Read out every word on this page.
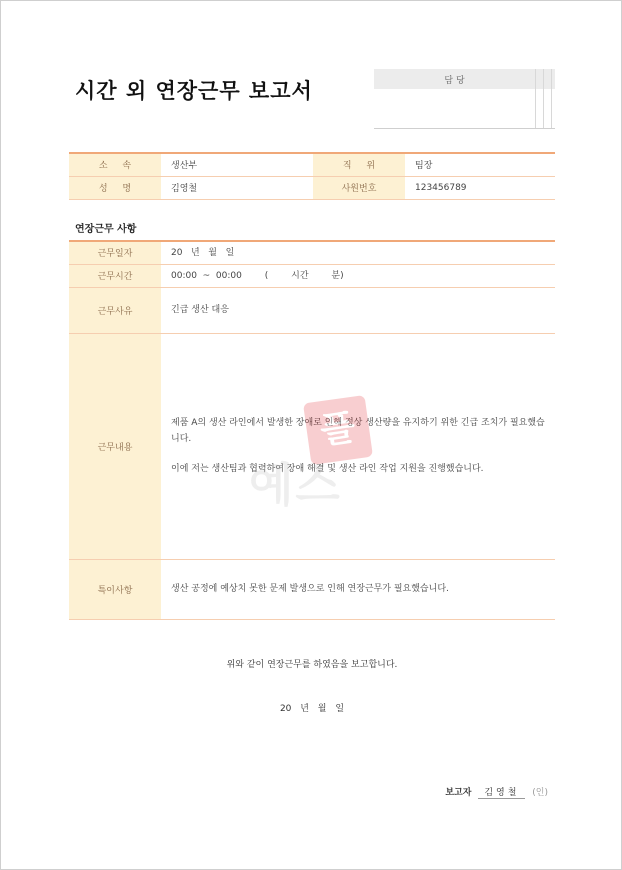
시간 외 연장근무 보고서	담 당			

소 속	생산부	직 위	팀장
성 명	김영철	사원번호	123456789
연장근무 사항
근무일자	20   년   월   일
근무시간	00:00  ~  00:00        (        시간        분)
근무사유	긴급 생산 대응
근무내용	제품 A의 생산 라인에서 발생한 장애로 인해 정상 생산량을 유지하기 위한 긴급 조치가 필요했습니다.
이에 저는 생산팀과 협력하여 장애 해결 및 생산 라인 작업 지원을 진행했습니다.

특이사항	생산 공정에 예상치 못한 문제 발생으로 인해 연장근무가 필요했습니다.
플
예스
위와 같이 연장근무를 하였음을 보고합니다.
20 년 월 일
보고자 김영철 (인)
